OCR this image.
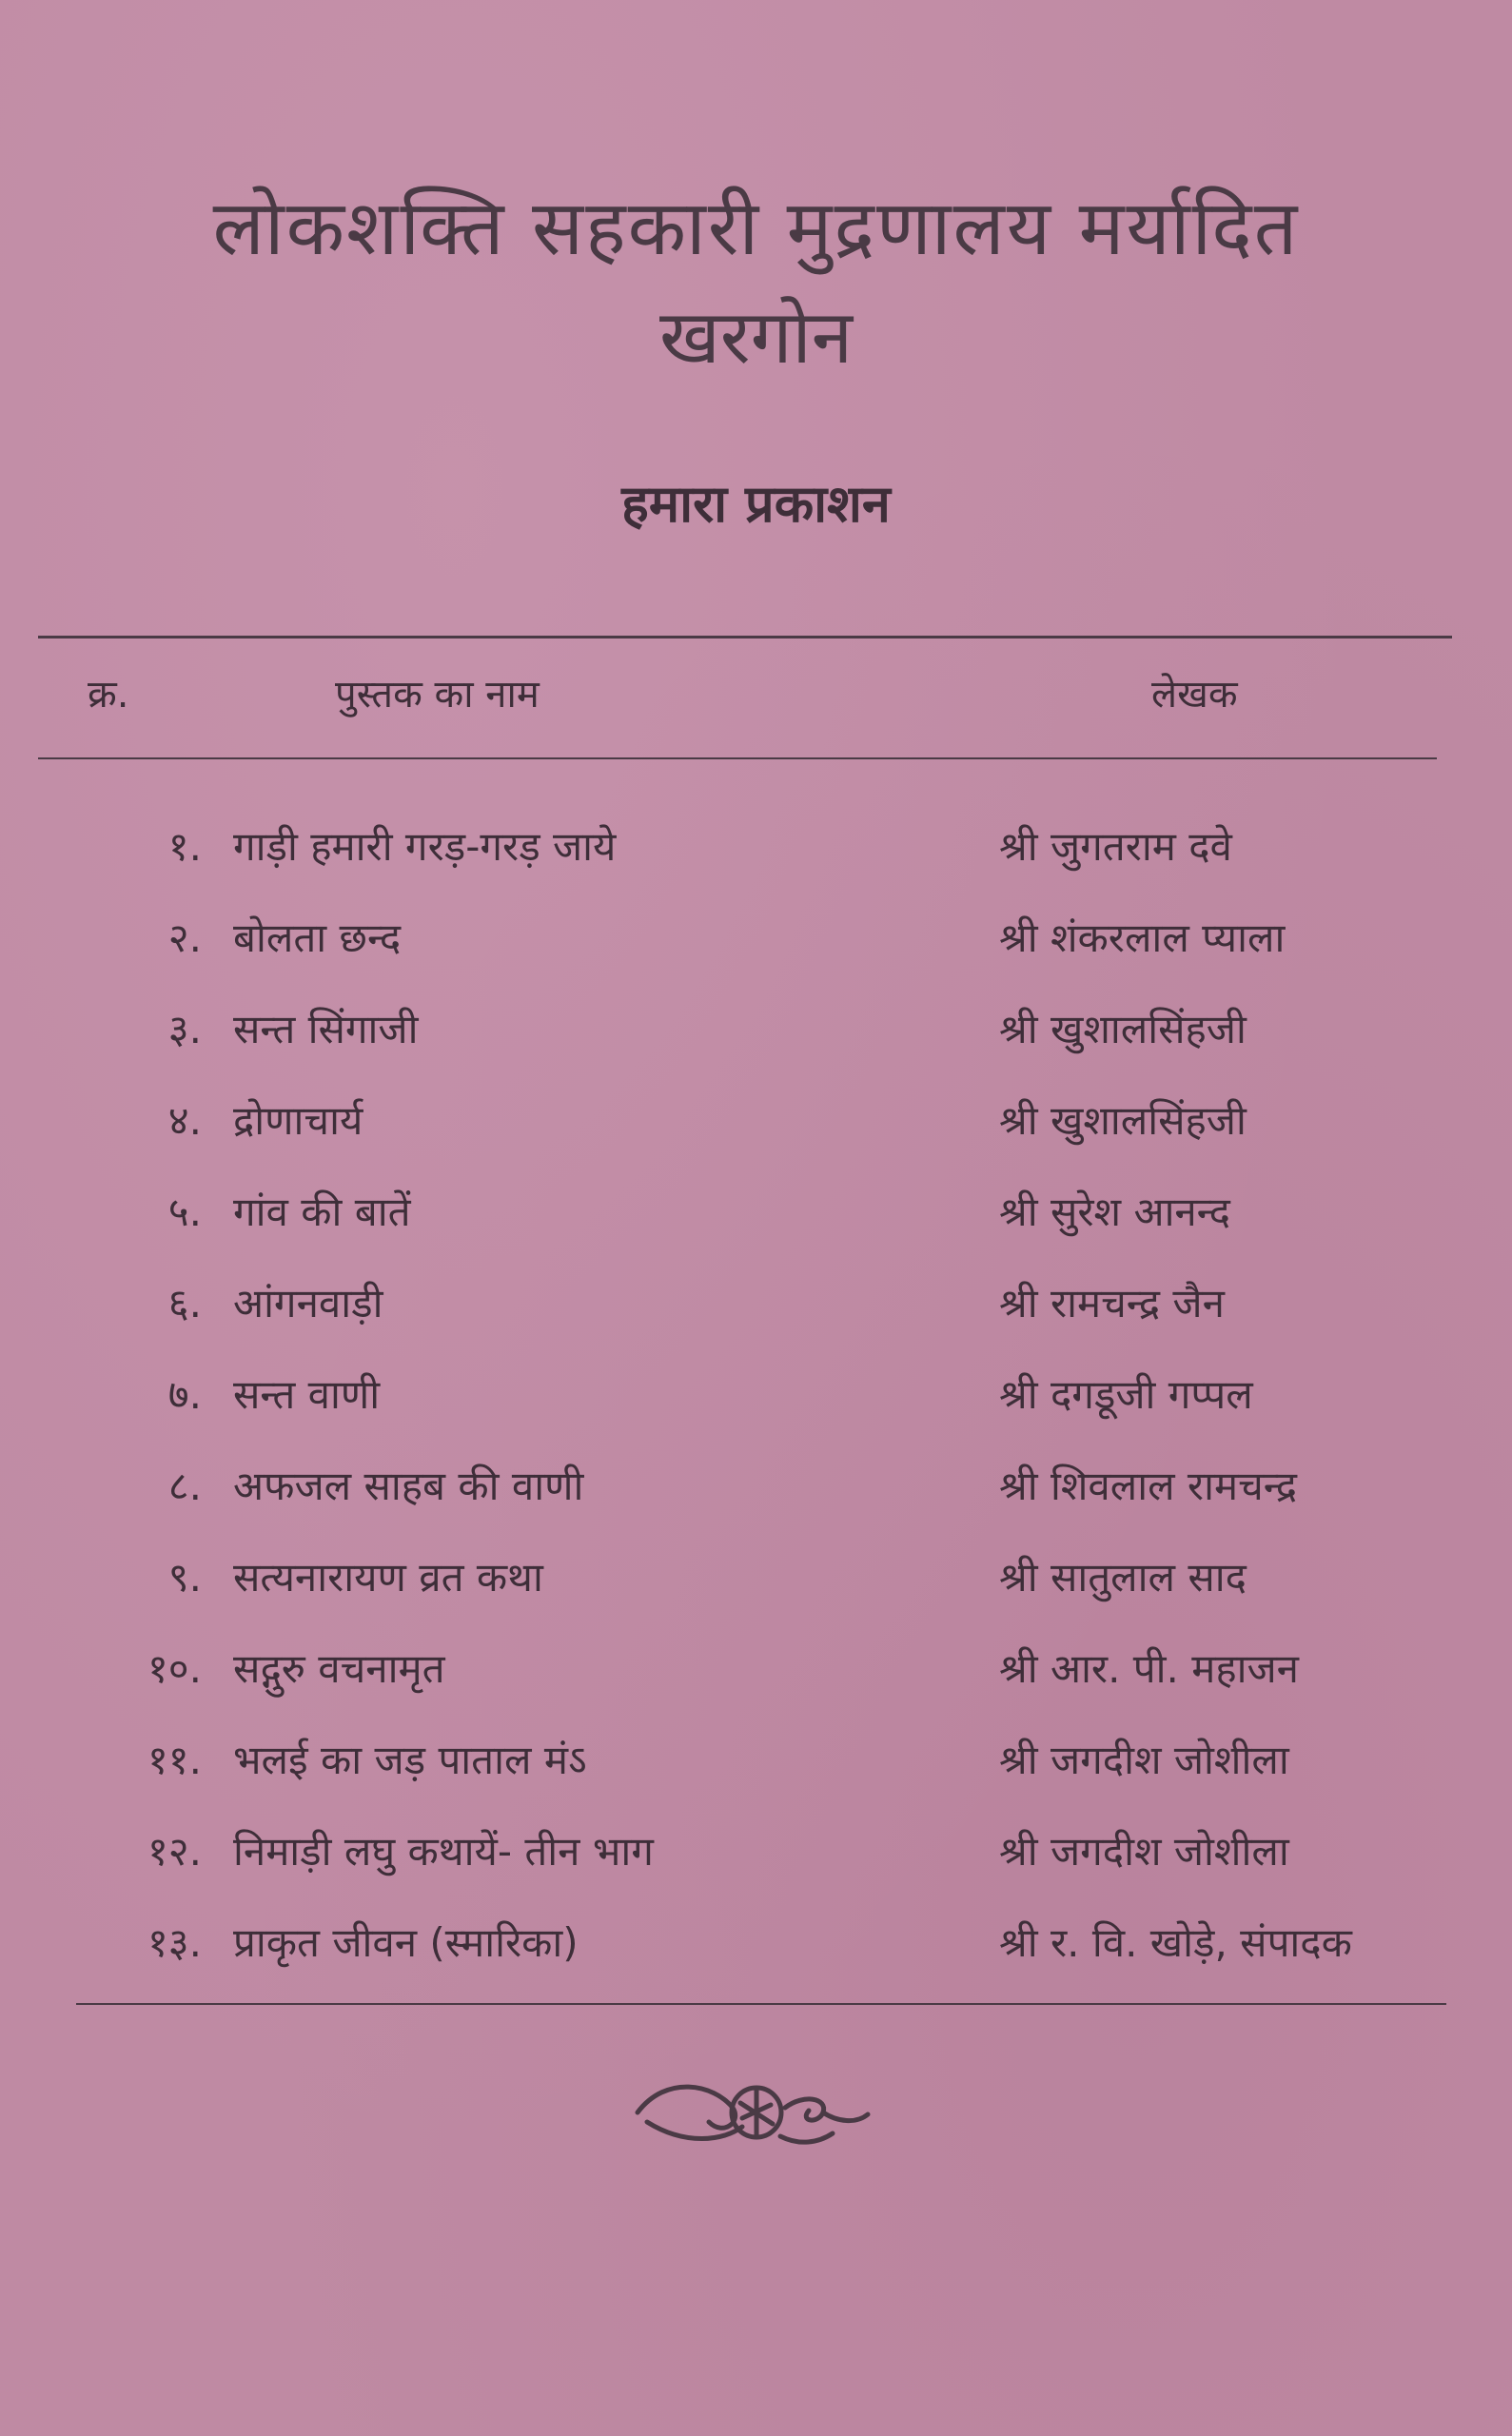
लोकशक्ति सहकारी मुद्रणालय मर्यादित
खरगोन
हमारा प्रकाशन
क्र.	पुस्तक का नाम	लेखक
१. गाड़ी हमारी गरड़-गरड़ जाये	श्री जुगतराम दवे
२. बोलता छन्द	श्री शंकरलाल प्याला
३. सन्त सिंगाजी	श्री खुशालसिंहजी
४. द्रोणाचार्य	श्री खुशालसिंहजी
५. गांव की बातें	श्री सुरेश आनन्द
६. आंगनवाड़ी	श्री रामचन्द्र जैन
७. सन्त वाणी	श्री दगडूजी गप्पल
८. अफजल साहब की वाणी	श्री शिवलाल रामचन्द्र
९. सत्यनारायण व्रत कथा	श्री सातुलाल साद
१०. सद्गुरु वचनामृत	श्री आर. पी. महाजन
११. भलई का जड़ पाताल मंऽ	श्री जगदीश जोशीला
१२. निमाड़ी लघु कथायें- तीन भाग	श्री जगदीश जोशीला
१३. प्राकृत जीवन (स्मारिका)	श्री र. वि. खोड़े, संपादक
